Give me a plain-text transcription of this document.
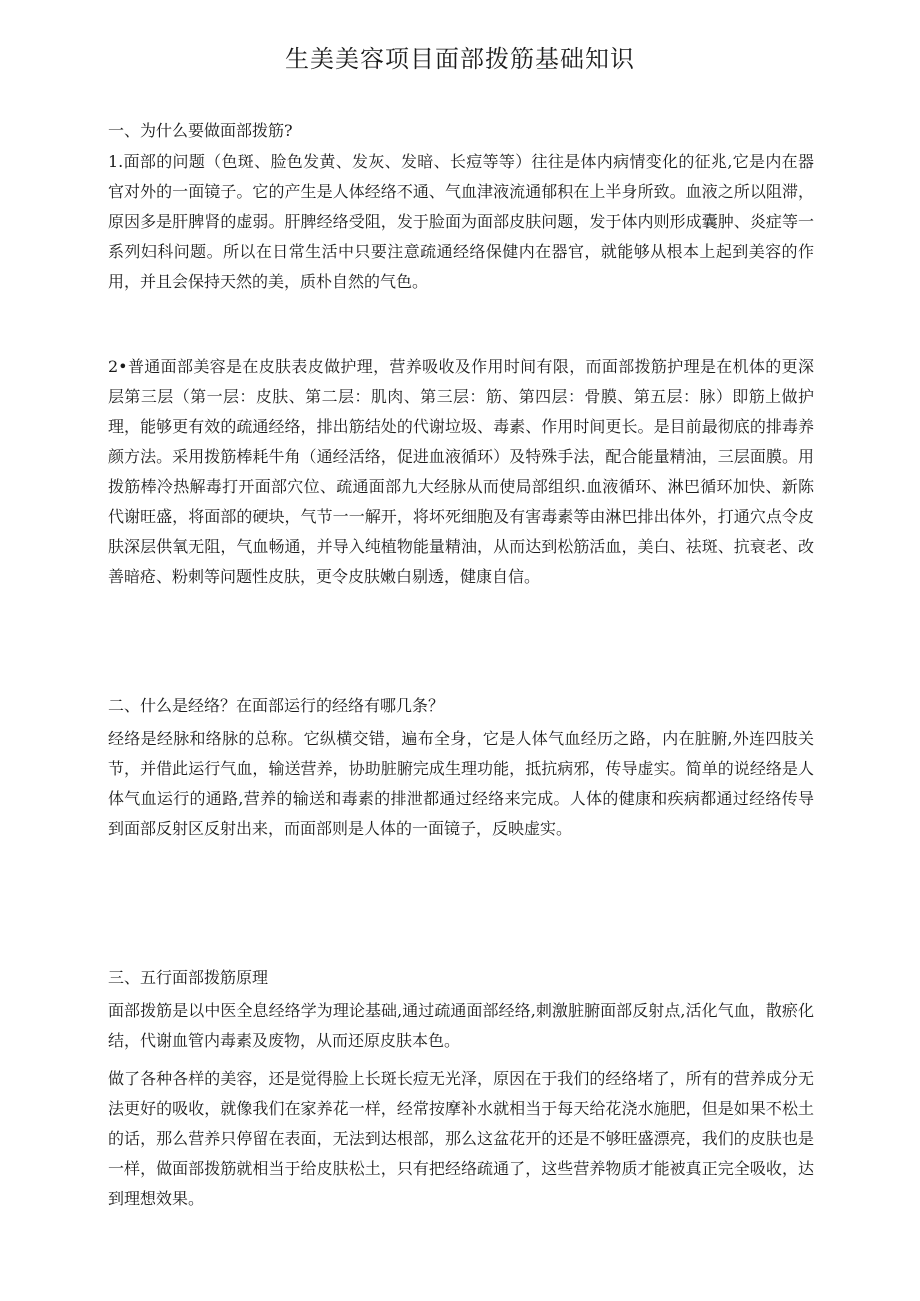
生美美容项目面部拨筋基础知识

一、为什么要做面部拨筋?

1.面部的问题（色斑、脸色发黄、发灰、发暗、长痘等等）往往是体内病情变化的征兆,它是内在器官对外的一面镜子。它的产生是人体经络不通、气血津液流通郁积在上半身所致。血液之所以阻滞，原因多是肝脾肾的虚弱。肝脾经络受阻，发于脸面为面部皮肤问题，发于体内则形成囊肿、炎症等一系列妇科问题。所以在日常生活中只要注意疏通经络保健内在器官，就能够从根本上起到美容的作用，并且会保持天然的美，质朴自然的气色。

2•普通面部美容是在皮肤表皮做护理，营养吸收及作用时间有限，而面部拨筋护理是在机体的更深层第三层（第一层：皮肤、第二层：肌肉、第三层：筋、第四层：骨膜、第五层：脉）即筋上做护理，能够更有效的疏通经络，排出筋结处的代谢垃圾、毒素、作用时间更长。是目前最彻底的排毒养颜方法。采用拨筋棒耗牛角（通经活络，促进血液循环）及特殊手法，配合能量精油，三层面膜。用拨筋棒冷热解毒打开面部穴位、疏通面部九大经脉从而使局部组织.血液循环、淋巴循环加快、新陈代谢旺盛，将面部的硬块，气节一一解开，将坏死细胞及有害毒素等由淋巴排出体外，打通穴点令皮肤深层供氧无阻，气血畅通，并导入纯植物能量精油，从而达到松筋活血，美白、祛斑、抗衰老、改善暗疮、粉刺等问题性皮肤，更令皮肤嫩白剔透，健康自信。

二、什么是经络？在面部运行的经络有哪几条？

经络是经脉和络脉的总称。它纵横交错，遍布全身，它是人体气血经历之路，内在脏腑,外连四肢关节，并借此运行气血，输送营养，协助脏腑完成生理功能，抵抗病邪，传导虚实。简单的说经络是人体气血运行的通路,营养的输送和毒素的排泄都通过经络来完成。人体的健康和疾病都通过经络传导到面部反射区反射出来，而面部则是人体的一面镜子，反映虚实。

三、五行面部拨筋原理

面部拨筋是以中医全息经络学为理论基础,通过疏通面部经络,刺激脏腑面部反射点,活化气血，散瘀化结，代谢血管内毒素及废物，从而还原皮肤本色。

做了各种各样的美容，还是觉得脸上长斑长痘无光泽，原因在于我们的经络堵了，所有的营养成分无法更好的吸收，就像我们在家养花一样，经常按摩补水就相当于每天给花浇水施肥，但是如果不松土的话，那么营养只停留在表面，无法到达根部，那么这盆花开的还是不够旺盛漂亮，我们的皮肤也是一样，做面部拨筋就相当于给皮肤松土，只有把经络疏通了，这些营养物质才能被真正完全吸收，达到理想效果。
